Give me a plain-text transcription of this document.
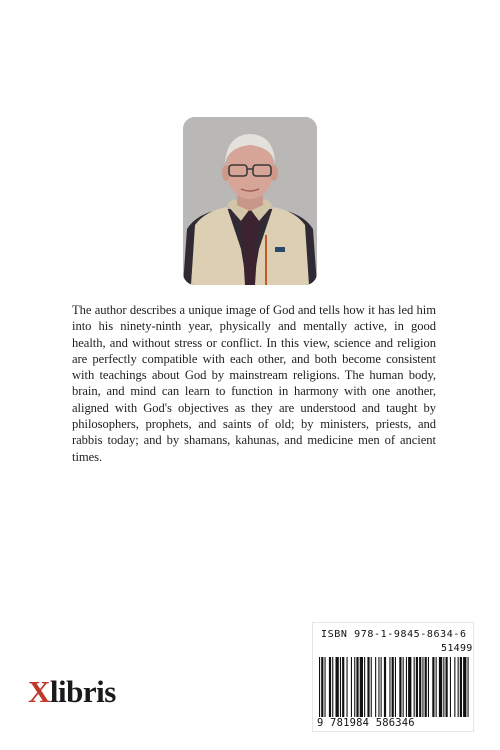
The author describes a unique image of God and tells how it has led him into his ninety-ninth year, physically and mentally active, in good health, and without stress or conflict. In this view, science and religion are perfectly compatible with each other, and both become consistent with teachings about God by mainstream religions. The human body, brain, and mind can learn to function in harmony with one another, aligned with God's objectives as they are understood and taught by philosophers, prophets, and saints of old; by ministers, priests, and rabbis today; and by shamans, kahunas, and medicine men of ancient times.

Xlibris
ISBN 978-1-9845-8634-6
51499
9 781984 586346
